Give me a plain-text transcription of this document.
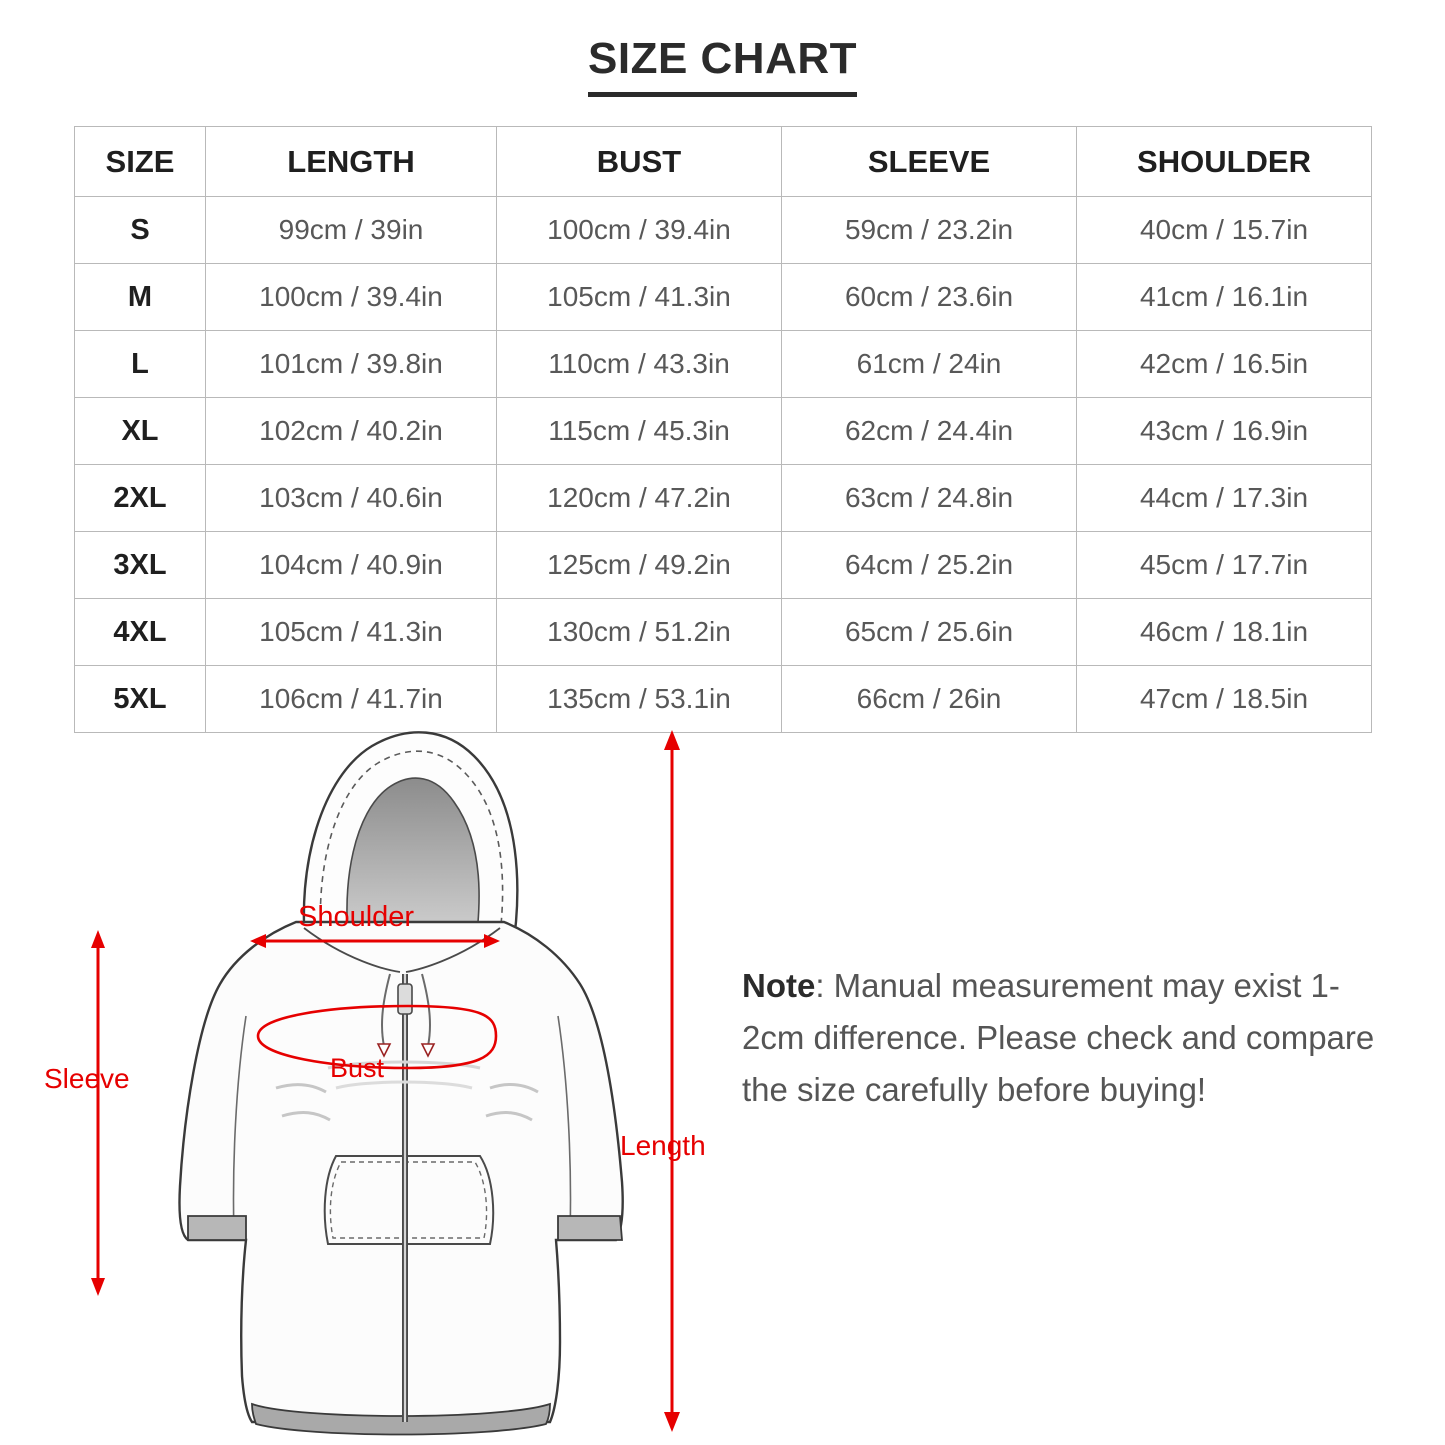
SIZE CHART
SIZE	LENGTH	BUST	SLEEVE	SHOULDER
S	99cm / 39in	100cm / 39.4in	59cm / 23.2in	40cm / 15.7in
M	100cm / 39.4in	105cm / 41.3in	60cm / 23.6in	41cm / 16.1in
L	101cm / 39.8in	110cm / 43.3in	61cm / 24in	42cm / 16.5in
XL	102cm / 40.2in	115cm / 45.3in	62cm / 24.4in	43cm / 16.9in
2XL	103cm / 40.6in	120cm / 47.2in	63cm / 24.8in	44cm / 17.3in
3XL	104cm / 40.9in	125cm / 49.2in	64cm / 25.2in	45cm / 17.7in
4XL	105cm / 41.3in	130cm / 51.2in	65cm / 25.6in	46cm / 18.1in
5XL	106cm / 41.7in	135cm / 53.1in	66cm / 26in	47cm / 18.5in
Shoulder
Bust
Sleeve
Length
Note: Manual measurement may exist 1-2cm difference. Please check and compare the size carefully before buying!
